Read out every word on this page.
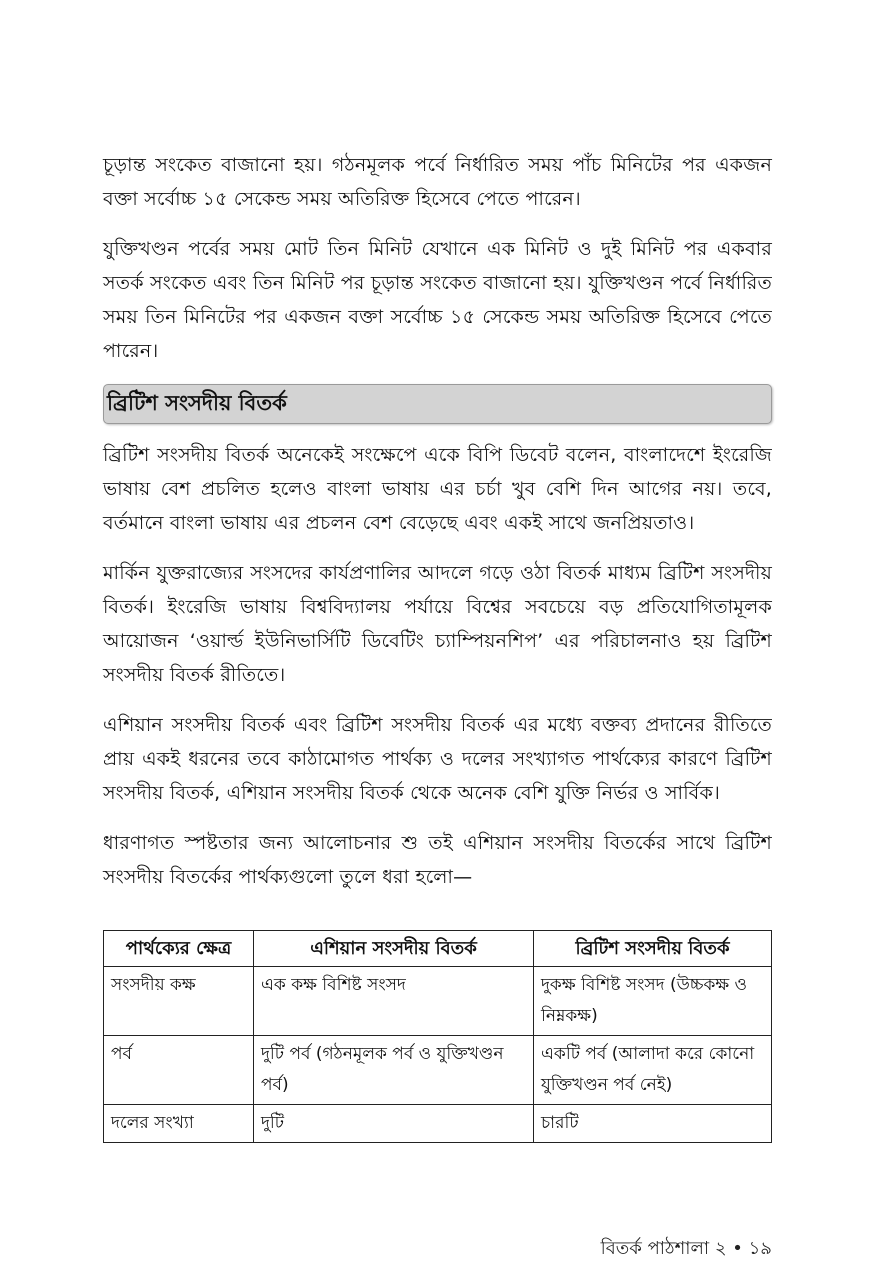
চূড়ান্ত সংকেত বাজানো হয়। গঠনমূলক পর্বে নির্ধারিত সময় পাঁচ মিনিটের পর একজন বক্তা সর্বোচ্চ ১৫ সেকেন্ড সময় অতিরিক্ত হিসেবে পেতে পারেন।

যুক্তিখণ্ডন পর্বের সময় মোট তিন মিনিট যেখানে এক মিনিট ও দুই মিনিট পর একবার সতর্ক সংকেত এবং তিন মিনিট পর চূড়ান্ত সংকেত বাজানো হয়। যুক্তিখণ্ডন পর্বে নির্ধারিত সময় তিন মিনিটের পর একজন বক্তা সর্বোচ্চ ১৫ সেকেন্ড সময় অতিরিক্ত হিসেবে পেতে পারেন।

ব্রিটিশ সংসদীয় বিতর্ক

ব্রিটিশ সংসদীয় বিতর্ক অনেকেই সংক্ষেপে একে বিপি ডিবেট বলেন, বাংলাদেশে ইংরেজি ভাষায় বেশ প্রচলিত হলেও বাংলা ভাষায় এর চর্চা খুব বেশি দিন আগের নয়। তবে, বর্তমানে বাংলা ভাষায় এর প্রচলন বেশ বেড়েছে এবং একই সাথে জনপ্রিয়তাও।

মার্কিন যুক্তরাজ্যের সংসদের কার্যপ্রণালির আদলে গড়ে ওঠা বিতর্ক মাধ্যম ব্রিটিশ সংসদীয় বিতর্ক। ইংরেজি ভাষায় বিশ্ববিদ্যালয় পর্যায়ে বিশ্বের সবচেয়ে বড় প্রতিযোগিতামূলক আয়োজন ‘ওয়ার্ল্ড ইউনিভার্সিটি ডিবেটিং চ্যাম্পিয়নশিপ’ এর পরিচালনাও হয় ব্রিটিশ সংসদীয় বিতর্ক রীতিতে।

এশিয়ান সংসদীয় বিতর্ক এবং ব্রিটিশ সংসদীয় বিতর্ক এর মধ্যে বক্তব্য প্রদানের রীতিতে প্রায় একই ধরনের তবে কাঠামোগত পার্থক্য ও দলের সংখ্যাগত পার্থক্যের কারণে ব্রিটিশ সংসদীয় বিতর্ক, এশিয়ান সংসদীয় বিতর্ক থেকে অনেক বেশি যুক্তি নির্ভর ও সার্বিক।

ধারণাগত স্পষ্টতার জন্য আলোচনার শু তই এশিয়ান সংসদীয় বিতর্কের সাথে ব্রিটিশ সংসদীয় বিতর্কের পার্থক্যগুলো তুলে ধরা হলো—

পার্থক্যের ক্ষেত্র	এশিয়ান সংসদীয় বিতর্ক	ব্রিটিশ সংসদীয় বিতর্ক
সংসদীয় কক্ষ	এক কক্ষ বিশিষ্ট সংসদ	দুকক্ষ বিশিষ্ট সংসদ (উচ্চকক্ষ ও নিম্নকক্ষ)
পর্ব	দুটি পর্ব (গঠনমূলক পর্ব ও যুক্তিখণ্ডন পর্ব)	একটি পর্ব (আলাদা করে কোনো যুক্তিখণ্ডন পর্ব নেই)
দলের সংখ্যা	দুটি	চারটি
বিতর্ক পাঠশালা ২ • ১৯
